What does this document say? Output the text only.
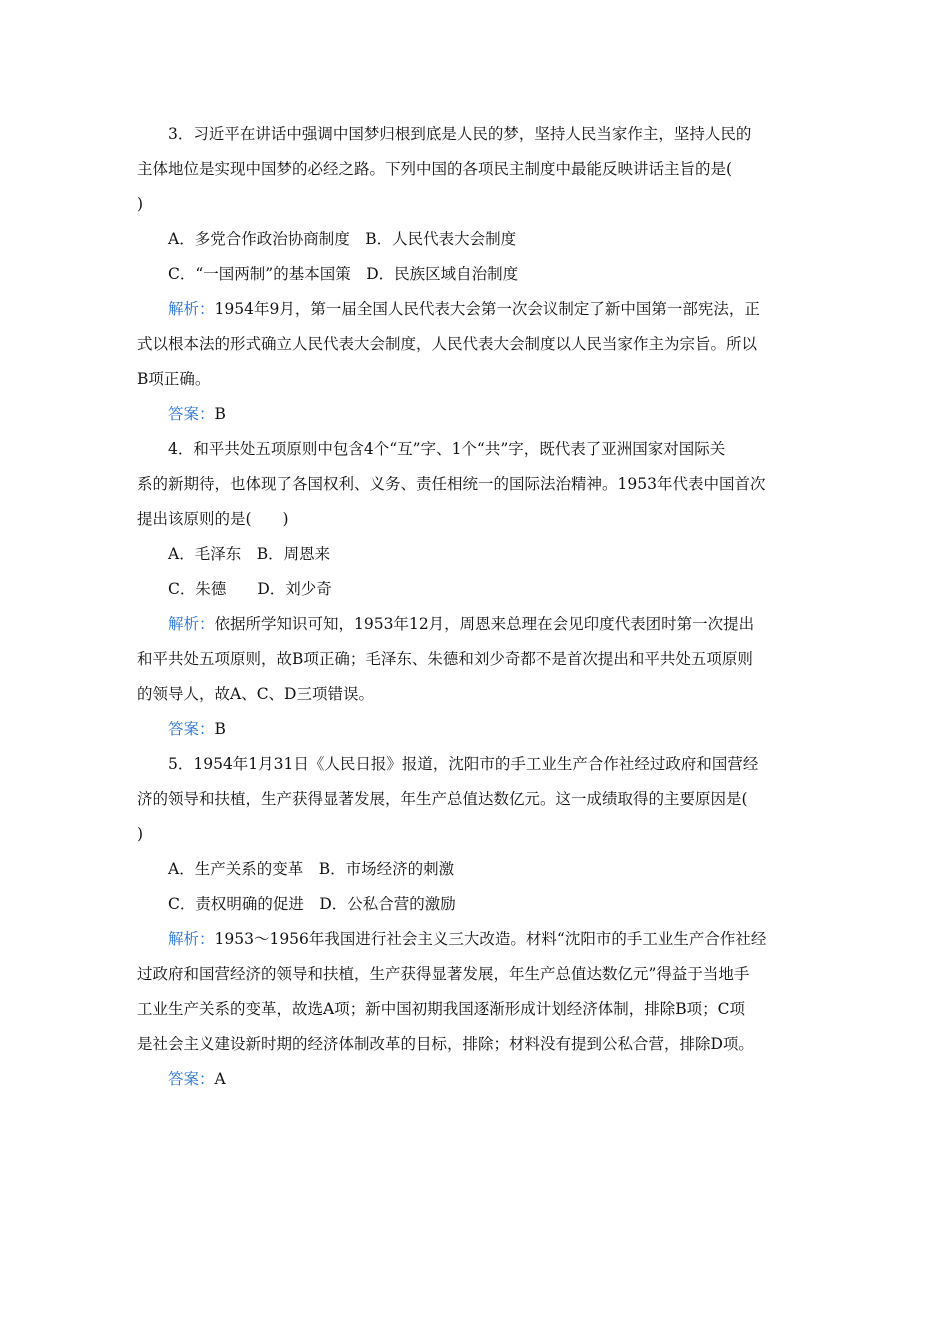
3．习近平在讲话中强调中国梦归根到底是人民的梦，坚持人民当家作主，坚持人民的

主体地位是实现中国梦的必经之路。下列中国的各项民主制度中最能反映讲话主旨的是(

)

A．多党合作政治协商制度　B．人民代表大会制度

C．“一国两制”的基本国策　D．民族区域自治制度

解析：1954年9月，第一届全国人民代表大会第一次会议制定了新中国第一部宪法，正

式以根本法的形式确立人民代表大会制度，人民代表大会制度以人民当家作主为宗旨。所以

B项正确。

答案：B

4．和平共处五项原则中包含4个“互”字、1个“共”字，既代表了亚洲国家对国际关

系的新期待，也体现了各国权利、义务、责任相统一的国际法治精神。1953年代表中国首次

提出该原则的是(　　)

A．毛泽东　B．周恩来

C．朱德　　D．刘少奇

解析：依据所学知识可知，1953年12月，周恩来总理在会见印度代表团时第一次提出

和平共处五项原则，故B项正确；毛泽东、朱德和刘少奇都不是首次提出和平共处五项原则

的领导人，故A、C、D三项错误。

答案：B

5．1954年1月31日《人民日报》报道，沈阳市的手工业生产合作社经过政府和国营经

济的领导和扶植，生产获得显著发展，年生产总值达数亿元。这一成绩取得的主要原因是(

)

A．生产关系的变革　B．市场经济的刺激

C．责权明确的促进　D．公私合营的激励

解析：1953～1956年我国进行社会主义三大改造。材料“沈阳市的手工业生产合作社经

过政府和国营经济的领导和扶植，生产获得显著发展，年生产总值达数亿元”得益于当地手

工业生产关系的变革，故选A项；新中国初期我国逐渐形成计划经济体制，排除B项；C项

是社会主义建设新时期的经济体制改革的目标，排除；材料没有提到公私合营，排除D项。

答案：A
